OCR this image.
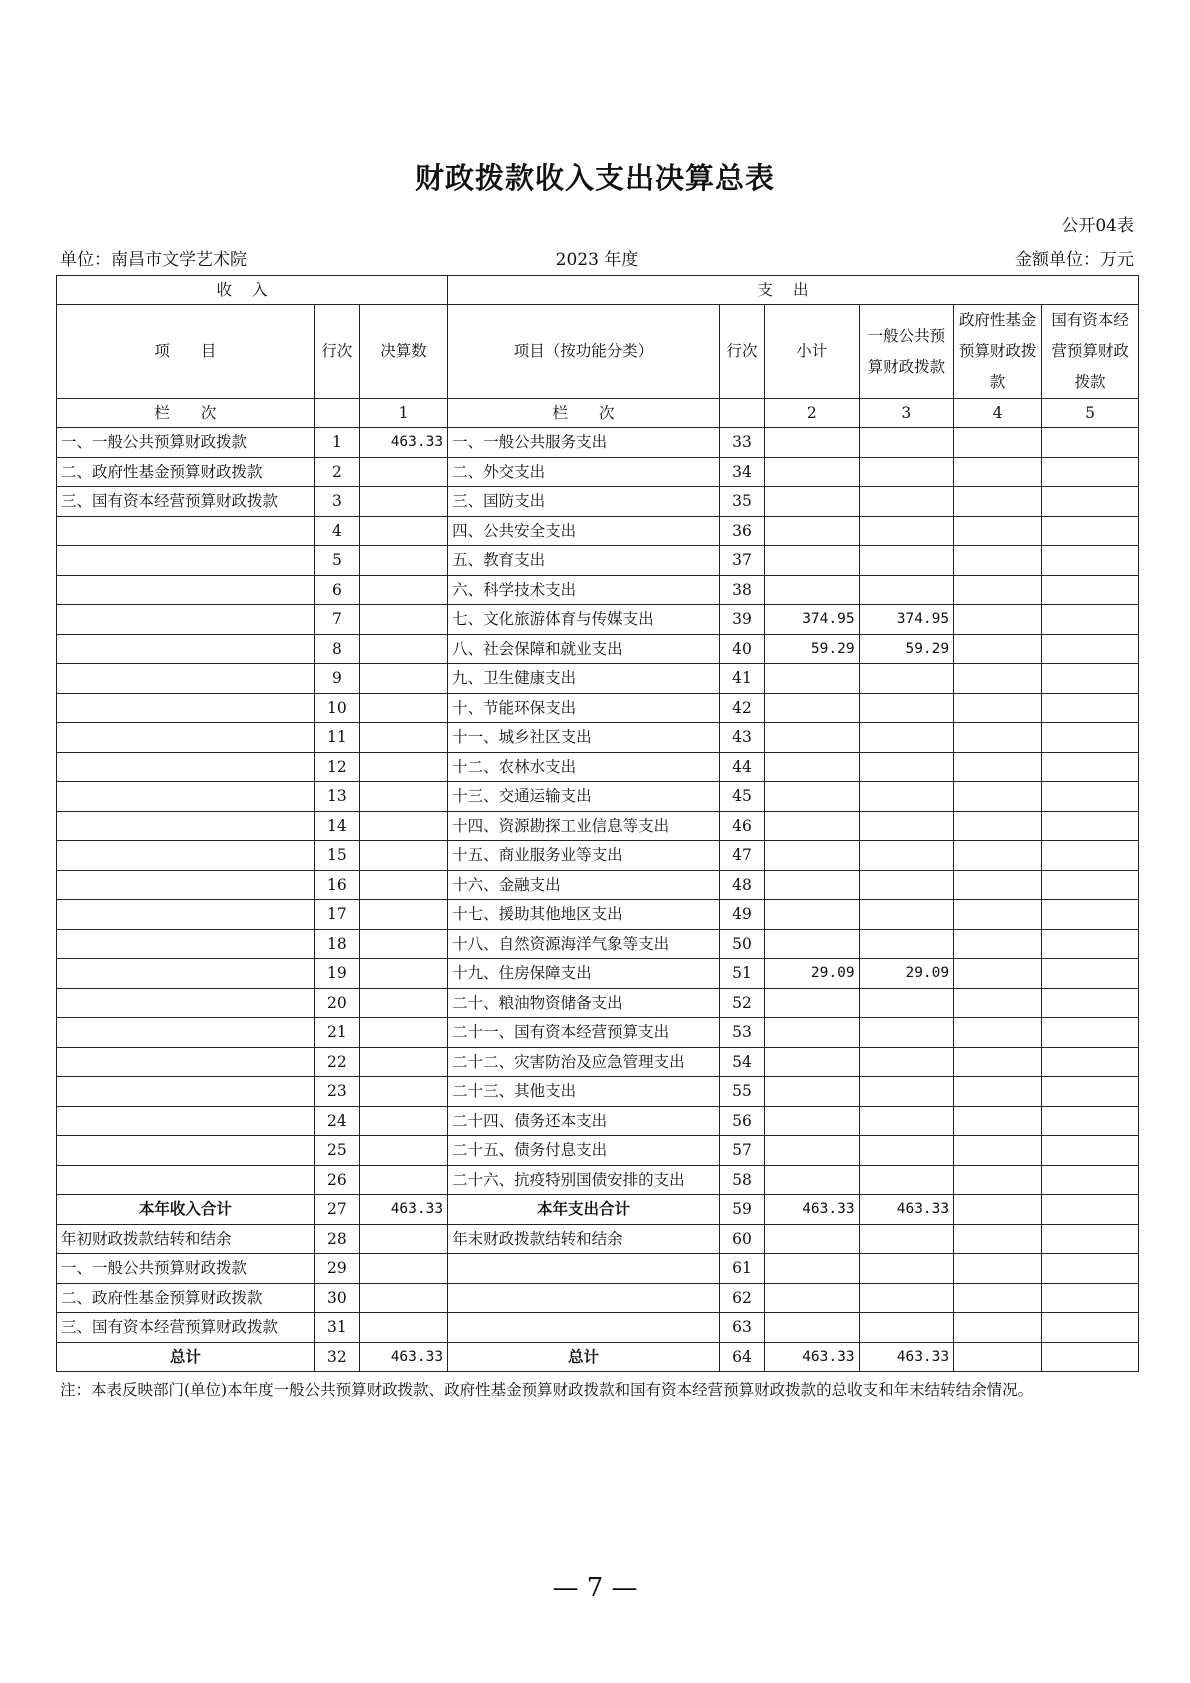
财政拨款收入支出决算总表
公开04表
单位：南昌市文学艺术院	2023 年度	金额单位：万元
收入			支出					
项　　目	行次	决算数	项目（按功能分类）	行次	小计	一般公共预算财政拨款	政府性基金预算财政拨款	国有资本经营预算财政拨款
栏　　次		1	栏　　次		2	3	4	5
一、一般公共预算财政拨款	1	463.33	一、一般公共服务支出	33				
二、政府性基金预算财政拨款	2		二、外交支出	34				
三、国有资本经营预算财政拨款	3		三、国防支出	35				
	4		四、公共安全支出	36				
	5		五、教育支出	37				
	6		六、科学技术支出	38				
	7		七、文化旅游体育与传媒支出	39	374.95	374.95		
	8		八、社会保障和就业支出	40	59.29	59.29		
	9		九、卫生健康支出	41				
	10		十、节能环保支出	42				
	11		十一、城乡社区支出	43				
	12		十二、农林水支出	44				
	13		十三、交通运输支出	45				
	14		十四、资源勘探工业信息等支出	46				
	15		十五、商业服务业等支出	47				
	16		十六、金融支出	48				
	17		十七、援助其他地区支出	49				
	18		十八、自然资源海洋气象等支出	50				
	19		十九、住房保障支出	51	29.09	29.09		
	20		二十、粮油物资储备支出	52				
	21		二十一、国有资本经营预算支出	53				
	22		二十二、灾害防治及应急管理支出	54				
	23		二十三、其他支出	55				
	24		二十四、债务还本支出	56				
	25		二十五、债务付息支出	57				
	26		二十六、抗疫特别国债安排的支出	58				
本年收入合计	27	463.33	本年支出合计	59	463.33	463.33		
年初财政拨款结转和结余	28		年末财政拨款结转和结余	60				
一、一般公共预算财政拨款	29			61				
二、政府性基金预算财政拨款	30			62				
三、国有资本经营预算财政拨款	31			63				
总计	32	463.33	总计	64	463.33	463.33		
注：本表反映部门(单位)本年度一般公共预算财政拨款、政府性基金预算财政拨款和国有资本经营预算财政拨款的总收支和年末结转结余情况。
— 7 —
